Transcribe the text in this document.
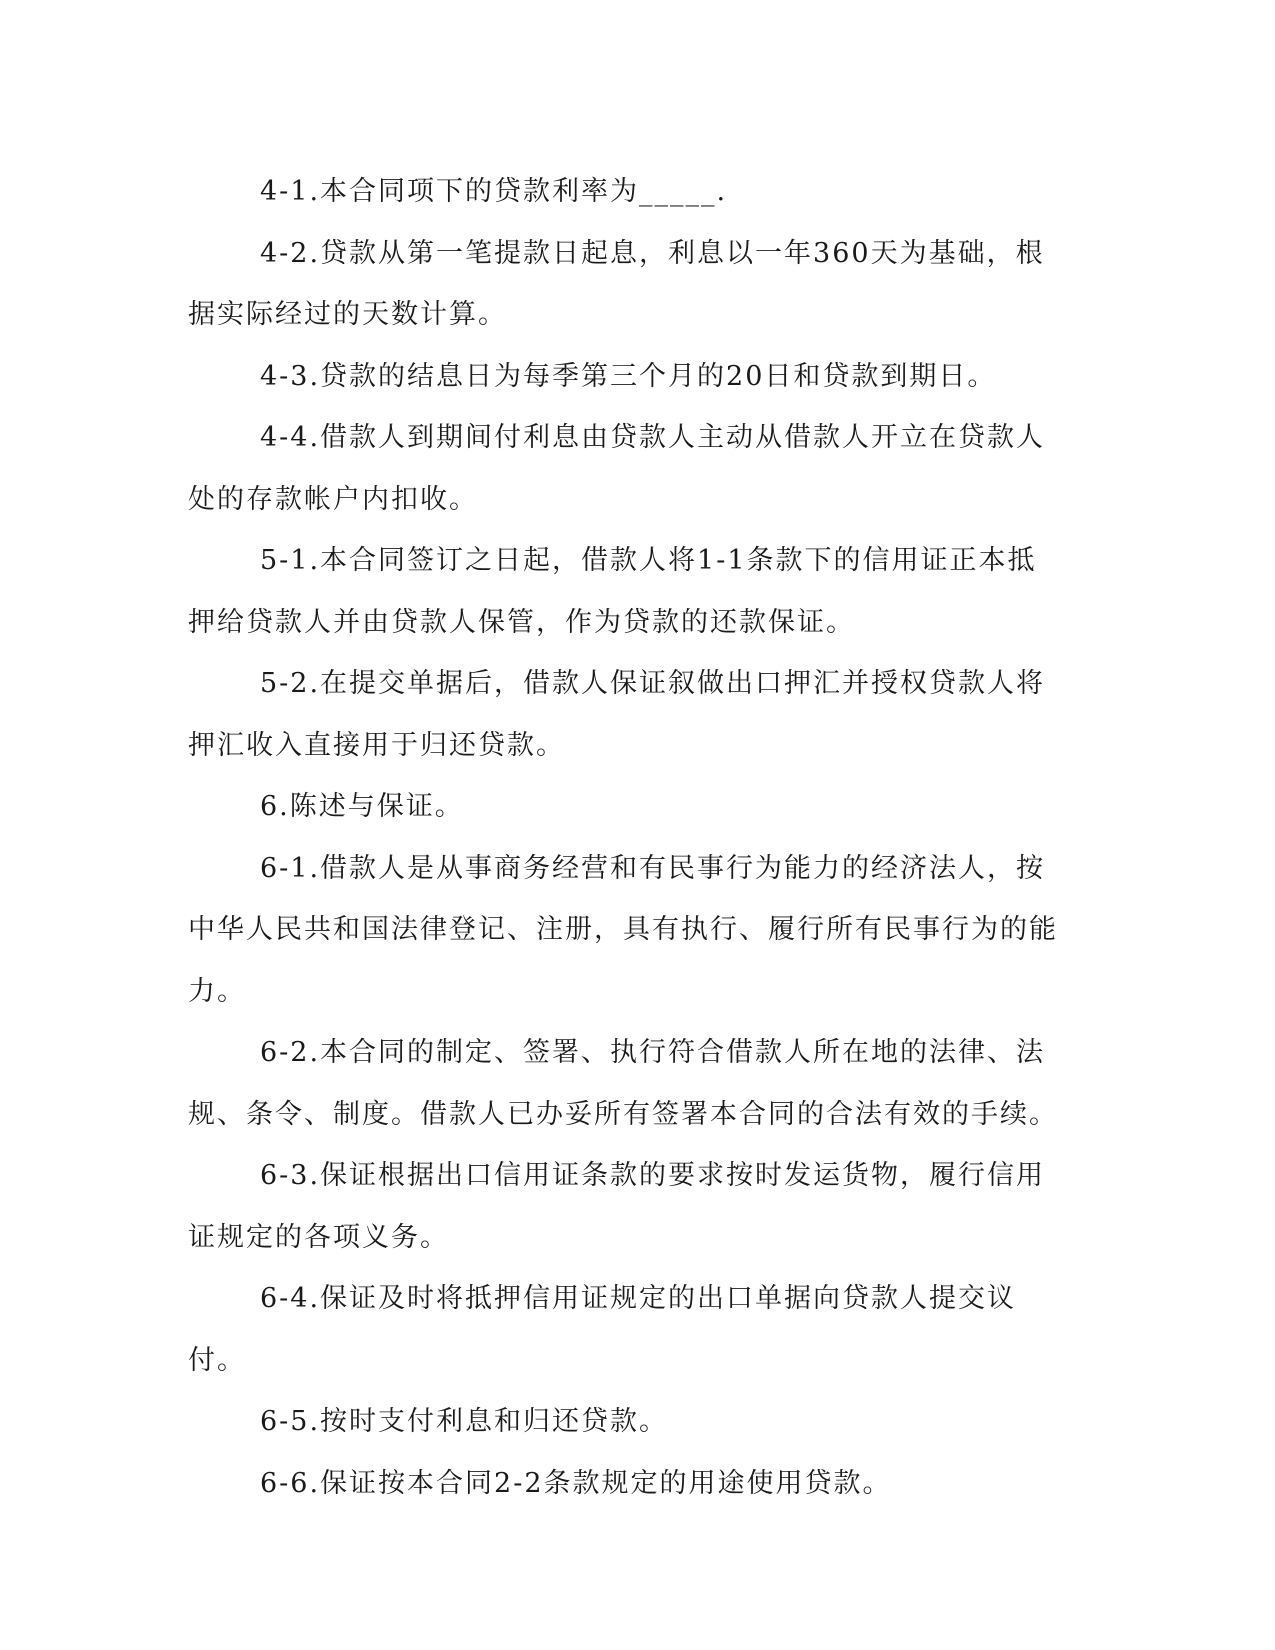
4-1.本合同项下的贷款利率为_____.

4-2.贷款从第一笔提款日起息，利息以一年360天为基础，根据实际经过的天数计算。

4-3.贷款的结息日为每季第三个月的20日和贷款到期日。

4-4.借款人到期间付利息由贷款人主动从借款人开立在贷款人处的存款帐户内扣收。

5-1.本合同签订之日起，借款人将1-1条款下的信用证正本抵押给贷款人并由贷款人保管，作为贷款的还款保证。

5-2.在提交单据后，借款人保证叙做出口押汇并授权贷款人将押汇收入直接用于归还贷款。

6.陈述与保证。

6-1.借款人是从事商务经营和有民事行为能力的经济法人，按中华人民共和国法律登记、注册，具有执行、履行所有民事行为的能力。

6-2.本合同的制定、签署、执行符合借款人所在地的法律、法规、条令、制度。借款人已办妥所有签署本合同的合法有效的手续。

6-3.保证根据出口信用证条款的要求按时发运货物，履行信用证规定的各项义务。

6-4.保证及时将抵押信用证规定的出口单据向贷款人提交议付。

6-5.按时支付利息和归还贷款。

6-6.保证按本合同2-2条款规定的用途使用贷款。
